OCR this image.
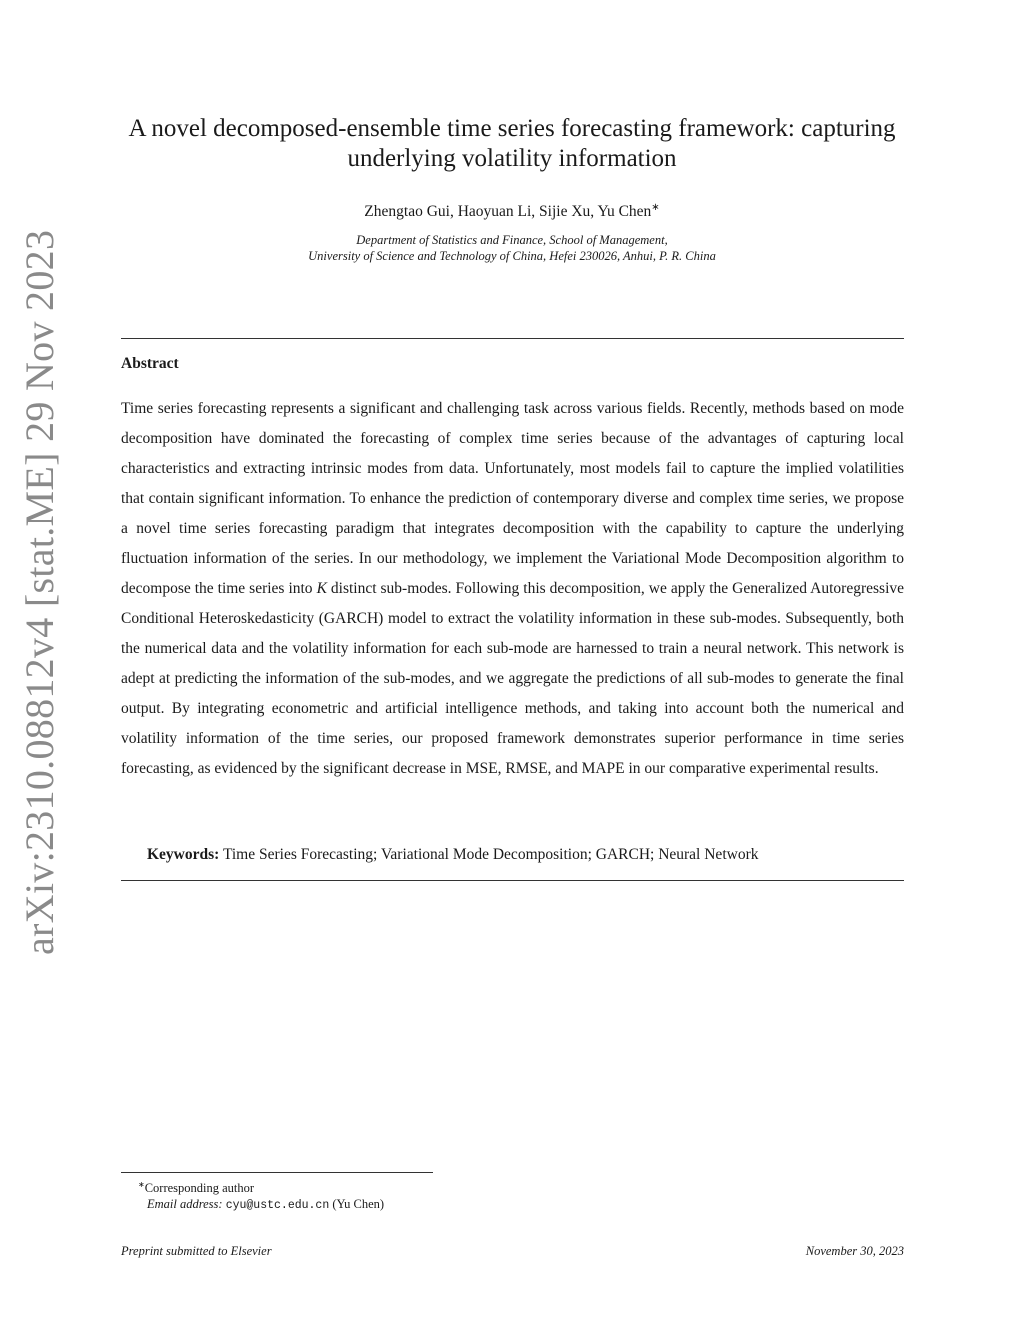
arXiv:2310.08812v4 [stat.ME] 29 Nov 2023
A novel decomposed-ensemble time series forecasting framework: capturing
underlying volatility information
Zhengtao Gui, Haoyuan Li, Sijie Xu, Yu Chen∗
Department of Statistics and Finance, School of Management,
University of Science and Technology of China, Hefei 230026, Anhui, P. R. China
Abstract
Time series forecasting represents a significant and challenging task across various fields. Recently, methods based on mode decomposition have dominated the forecasting of complex time series because of the advantages of capturing local characteristics and extracting intrinsic modes from data. Unfortunately, most models fail to capture the implied volatilities that contain significant information. To enhance the prediction of contemporary diverse and complex time series, we propose a novel time series forecasting paradigm that integrates decomposition with the capability to capture the underlying fluctuation information of the series. In our methodology, we implement the Variational Mode Decomposition algorithm to decompose the time series into K distinct sub-modes. Following this decomposition, we apply the Generalized Autoregressive Conditional Heteroskedasticity (GARCH) model to extract the volatility information in these sub-modes. Subsequently, both the numerical data and the volatility information for each sub-mode are harnessed to train a neural network. This network is adept at predicting the information of the sub-modes, and we aggregate the predictions of all sub-modes to generate the final output. By integrating econometric and artificial intelligence methods, and taking into account both the numerical and volatility information of the time series, our proposed framework demonstrates superior performance in time series forecasting, as evidenced by the significant decrease in MSE, RMSE, and MAPE in our comparative experimental results.
Keywords: Time Series Forecasting; Variational Mode Decomposition; GARCH; Neural Network
∗Corresponding author
Email address: cyu@ustc.edu.cn (Yu Chen)
Preprint submitted to Elsevier	November 30, 2023
